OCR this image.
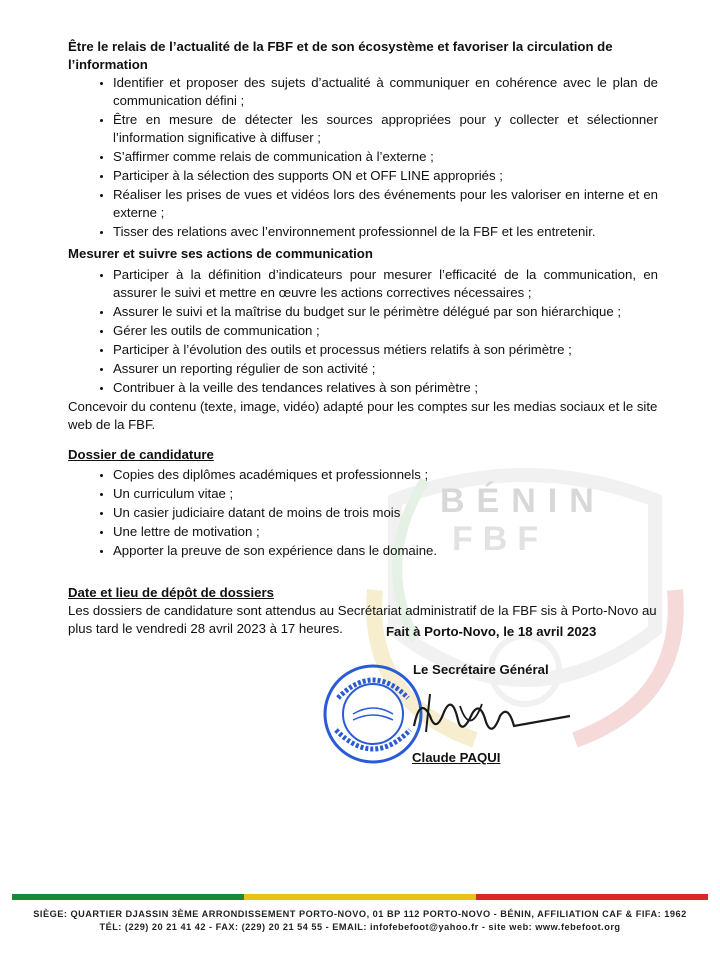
BÉNIN
FBF
Être le relais de l’actualité de la FBF et de son écosystème et favoriser la circulation de l’information
• Identifier et proposer des sujets d’actualité à communiquer en cohérence avec le plan de communication défini ;
• Être en mesure de détecter les sources appropriées pour y collecter et sélectionner l’information significative à diffuser ;
• S’affirmer comme relais de communication à l’externe ;
• Participer à la sélection des supports ON et OFF LINE appropriés ;
• Réaliser les prises de vues et vidéos lors des événements pour les valoriser en interne et en externe ;
• Tisser des relations avec l’environnement professionnel de la FBF et les entretenir.
Mesurer et suivre ses actions de communication
• Participer à la définition d’indicateurs pour mesurer l’efficacité de la communication, en assurer le suivi et mettre en œuvre les actions correctives nécessaires ;
• Assurer le suivi et la maîtrise du budget sur le périmètre délégué par son hiérarchique ;
• Gérer les outils de communication ;
• Participer à l’évolution des outils et processus métiers relatifs à son périmètre ;
• Assurer un reporting régulier de son activité ;
• Contribuer à la veille des tendances relatives à son périmètre ;

Concevoir du contenu (texte, image, vidéo) adapté pour les comptes sur les medias sociaux et le site web de la FBF.

Dossier de candidature
• Copies des diplômes académiques et professionnels ;
• Un curriculum vitae ;
• Un casier judiciaire datant de moins de trois mois
• Une lettre de motivation ;
• Apporter la preuve de son expérience dans le domaine.
Date et lieu de dépôt de dossiers

Les dossiers de candidature sont attendus au Secrétariat administratif de la FBF sis à Porto-Novo au plus tard le vendredi 28 avril 2023 à 17 heures.	Fait à Porto-Novo, le 18 avril 2023
Le Secrétaire Général
Claude PAQUI
SIÈGE: QUARTIER DJASSIN 3ÈME ARRONDISSEMENT PORTO-NOVO, 01 BP 112 PORTO-NOVO - BÉNIN, AFFILIATION CAF & FIFA: 1962
TÉL: (229) 20 21 41 42 - FAX: (229) 20 21 54 55 - EMAIL: infofebefoot@yahoo.fr - site web: www.febefoot.org
